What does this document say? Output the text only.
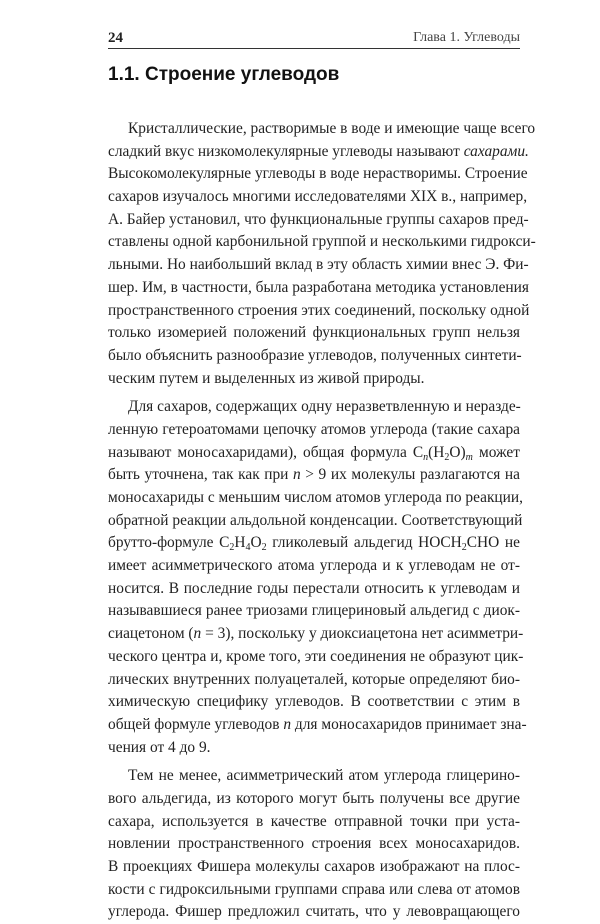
24	Глава 1. Углеводы
1.1. Строение углеводов
Кристаллические, растворимые в воде и имеющие чаще всего
сладкий вкус низкомолекулярные углеводы называют сахарами.
Высокомолекулярные углеводы в воде нерастворимы. Строение
сахаров изучалось многими исследователями XIX в., например,
А. Байер установил, что функциональные группы сахаров пред-
ставлены одной карбонильной группой и несколькими гидрокси-
льными. Но наибольший вклад в эту область химии внес Э. Фи-
шер. Им, в частности, была разработана методика установления
пространственного строения этих соединений, поскольку одной
только изомерией положений функциональных групп нельзя
было объяснить разнообразие углеводов, полученных синтети-
ческим путем и выделенных из живой природы.
Для сахаров, содержащих одну неразветвленную и неразде-
ленную гетероатомами цепочку атомов углерода (такие сахара
называют моносахаридами), общая формула $C_n(H_2O)_m$ может
быть уточнена, так как при n > 9 их молекулы разлагаются на
моносахариды с меньшим числом атомов углерода по реакции,
обратной реакции альдольной конденсации. Соответствующий
брутто-формуле $C_2H_4O_2$ гликолевый альдегид $HOCH_2CHO$ не
имеет асимметрического атома углерода и к углеводам не от-
носится. В последние годы перестали относить к углеводам и
называвшиеся ранее триозами глицериновый альдегид с диок-
сиацетоном (n = 3), поскольку у диоксиацетона нет асимметри-
ческого центра и, кроме того, эти соединения не образуют цик-
лических внутренних полуацеталей, которые определяют био-
химическую специфику углеводов. В соответствии с этим в
общей формуле углеводов n для моносахаридов принимает зна-
чения от 4 до 9.
Тем не менее, асимметрический атом углерода глицерино-
вого альдегида, из которого могут быть получены все другие
сахара, используется в качестве отправной точки при уста-
новлении пространственного строения всех моносахаридов.
В проекциях Фишера молекулы сахаров изображают на плос-
кости с гидроксильными группами справа или слева от атомов
углерода. Фишер предложил считать, что у левовращающего
